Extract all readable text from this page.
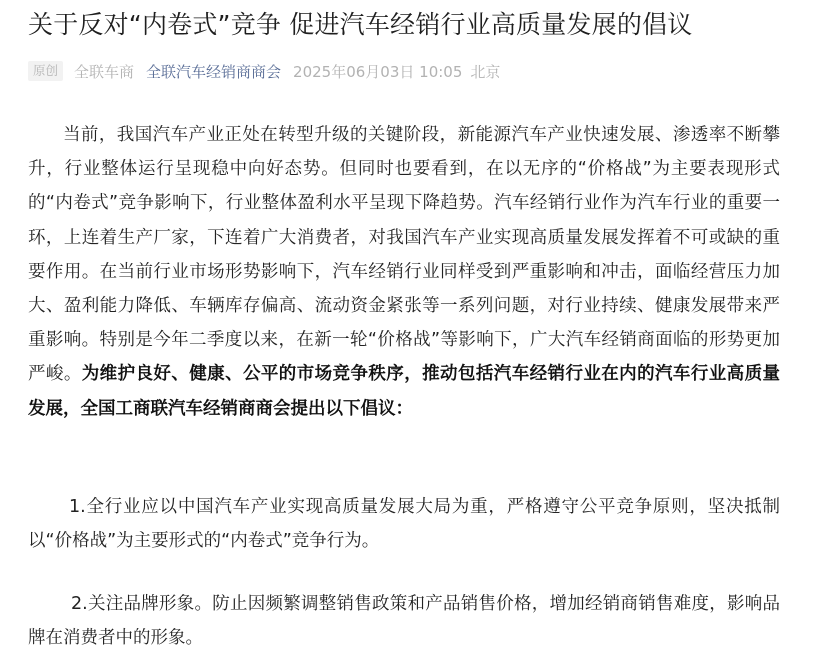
关于反对“内卷式”竞争 促进汽车经销行业高质量发展的倡议
原创	全联车商 全联汽车经销商商会 2025年06月03日 10:05 北京

当前，我国汽车产业正处在转型升级的关键阶段，新能源汽车产业快速发展、渗透率不断攀升，行业整体运行呈现稳中向好态势。但同时也要看到，在以无序的“价格战”为主要表现形式的“内卷式”竞争影响下，行业整体盈利水平呈现下降趋势。汽车经销行业作为汽车行业的重要一环，上连着生产厂家，下连着广大消费者，对我国汽车产业实现高质量发展发挥着不可或缺的重要作用。在当前行业市场形势影响下，汽车经销行业同样受到严重影响和冲击，面临经营压力加大、盈利能力降低、车辆库存偏高、流动资金紧张等一系列问题，对行业持续、健康发展带来严重影响。特别是今年二季度以来，在新一轮“价格战”等影响下，广大汽车经销商面临的形势更加严峻。为维护良好、健康、公平的市场竞争秩序，推动包括汽车经销行业在内的汽车行业高质量发展，全国工商联汽车经销商商会提出以下倡议：

1.全行业应以中国汽车产业实现高质量发展大局为重，严格遵守公平竞争原则，坚决抵制以“价格战”为主要形式的“内卷式”竞争行为。

2.关注品牌形象。防止因频繁调整销售政策和产品销售价格，增加经销商销售难度，影响品牌在消费者中的形象。
